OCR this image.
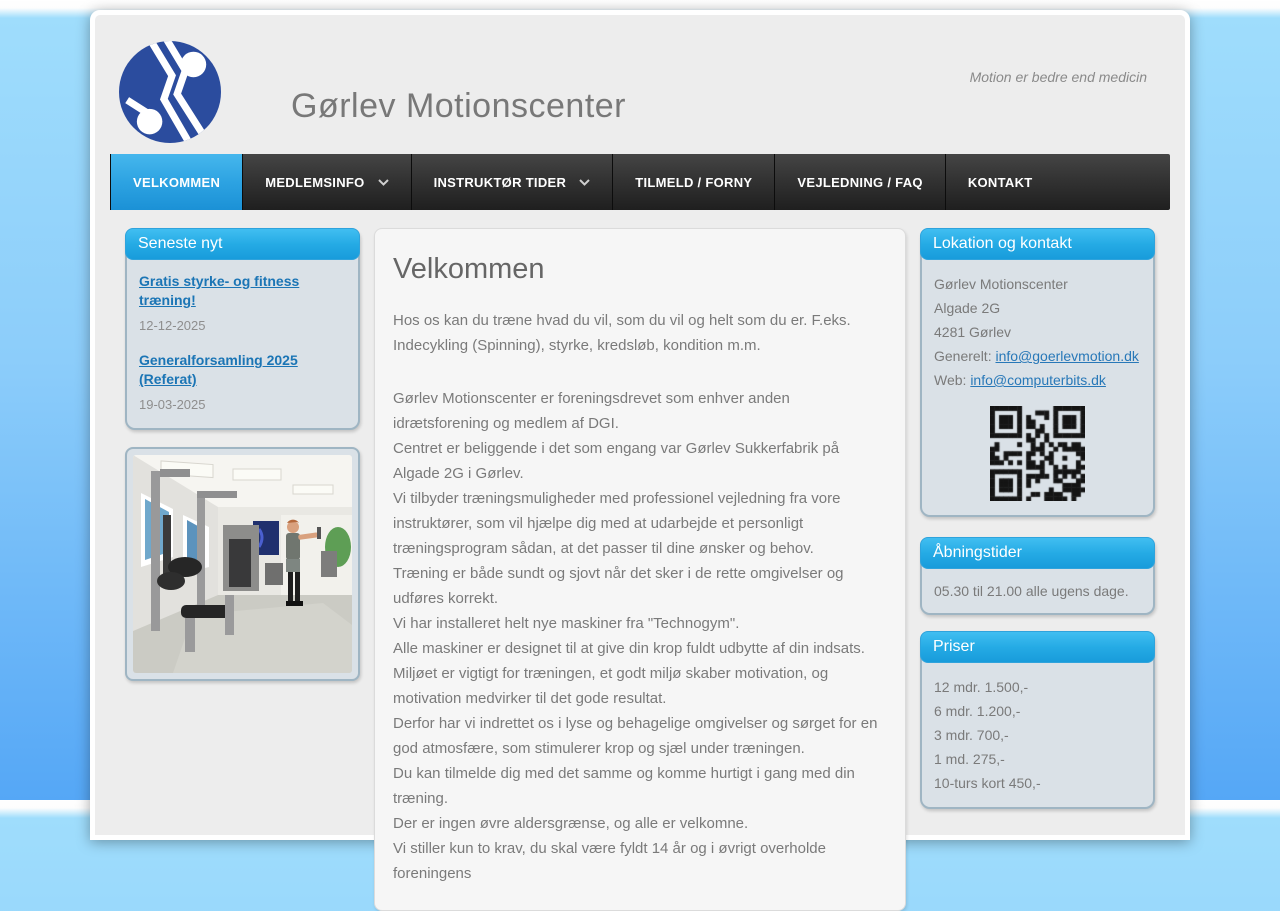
Gørlev Motionscenter
Motion er bedre end medicin
VELKOMMEN	MEDLEMSINFO	INSTRUKTØR TIDER	TILMELD / FORNY	VEJLEDNING / FAQ	KONTAKT
Seneste nyt
Gratis styrke- og fitness træning!
12-12-2025
Generalforsamling 2025 (Referat)
19-03-2025
Velkommen

Hos os kan du træne hvad du vil, som du vil og helt som du er. F.eks. Indecykling (Spinning), styrke, kredsløb, kondition m.m.

Gørlev Motionscenter er foreningsdrevet som enhver anden idrætsforening og medlem af DGI.
Centret er beliggende i det som engang var Gørlev Sukkerfabrik på Algade 2G i Gørlev.
Vi tilbyder træningsmuligheder med professionel vejledning fra vore instruktører, som vil hjælpe dig med at udarbejde et personligt træningsprogram sådan, at det passer til dine ønsker og behov.
Træning er både sundt og sjovt når det sker i de rette omgivelser og udføres korrekt.
Vi har installeret helt nye maskiner fra "Technogym".
Alle maskiner er designet til at give din krop fuldt udbytte af din indsats.
Miljøet er vigtigt for træningen, et godt miljø skaber motivation, og motivation medvirker til det gode resultat.
Derfor har vi indrettet os i lyse og behagelige omgivelser og sørget for en god atmosfære, som stimulerer krop og sjæl under træningen.
Du kan tilmelde dig med det samme og komme hurtigt i gang med din træning.
Der er ingen øvre aldersgrænse, og alle er velkomne.
Vi stiller kun to krav, du skal være fyldt 14 år og i øvrigt overholde foreningens
Lokation og kontakt
Gørlev Motionscenter
Algade 2G
4281 Gørlev
Generelt: info@goerlevmotion.dk
Web: info@computerbits.dk
Åbningstider
05.30 til 21.00 alle ugens dage.
Priser
12 mdr. 1.500,-
6 mdr. 1.200,-
3 mdr. 700,-
1 md. 275,-
10-turs kort 450,-
